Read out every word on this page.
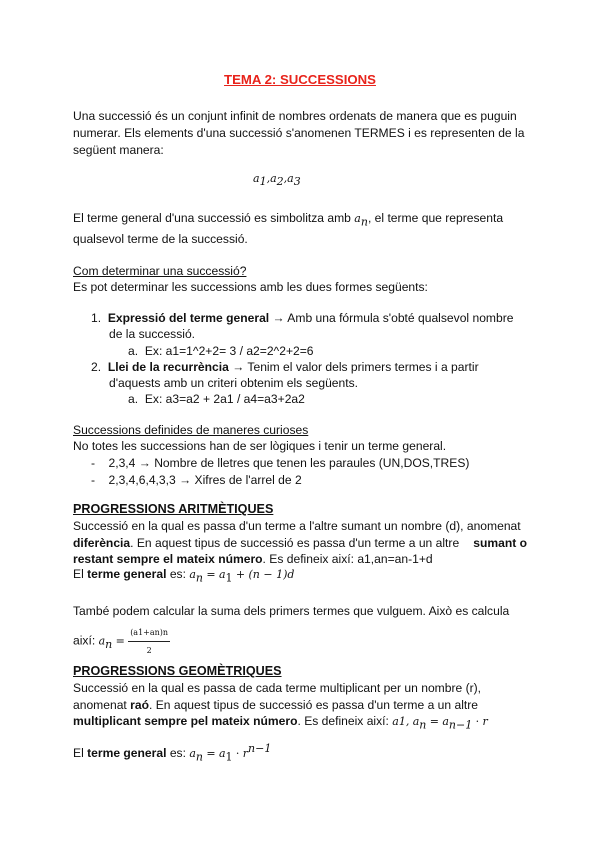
TEMA 2: SUCCESSIONS
Una successió és un conjunt infinit de nombres ordenats de manera que es puguin
numerar. Els elements d'una successió s'anomenen TERMES i es representen de la
següent manera:
$a_1,a_2,a_3$
El terme general d'una successió es simbolitza amb $a_n$, el terme que representa
qualsevol terme de la successió.
Com determinar una successió?
Es pot determinar les successions amb les dues formes següents:
1. Expressió del terme general → Amb una fórmula s'obté qualsevol nombre
de la successió.
a. Ex: a1=1^2+2= 3 / a2=2^2+2=6
2. Llei de la recurrència → Tenim el valor dels primers termes i a partir
d'aquests amb un criteri obtenim els següents.
a. Ex: a3=a2 + 2a1 / a4=a3+2a2
Successions definides de maneres curioses
No totes les successions han de ser lògiques i tenir un terme general.
- 2,3,4 → Nombre de lletres que tenen les paraules (UN,DOS,TRES)
- 2,3,4,6,4,3,3 → Xifres de l'arrel de 2
PROGRESSIONS ARITMÈTIQUES
Successió en la qual es passa d'un terme a l'altre sumant un nombre (d), anomenat
diferència. En aquest tipus de successió es passa d'un terme a un altre sumant o
restant sempre el mateix número. Es defineix així: a1,an=an-1+d
El terme general es: $a_n = a_1 + (n - 1)d$
També podem calcular la suma dels primers termes que vulguem. Això es calcula
així: $a_n = \frac{(a1+an)n}{2}$
PROGRESSIONS GEOMÈTRIQUES
Successió en la qual es passa de cada terme multiplicant per un nombre (r),
anomenat raó. En aquest tipus de successió es passa d'un terme a un altre
multiplicant sempre pel mateix número. Es defineix així: a1, $a_n = a_{n-1} \cdot r$
El terme general es: $a_n = a_1 \cdot r^{n-1}$
